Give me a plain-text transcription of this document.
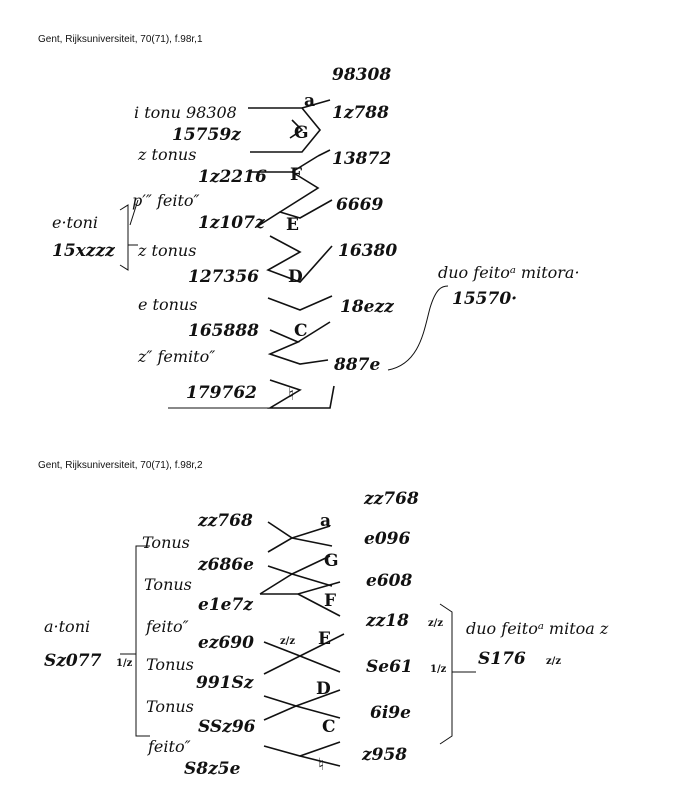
Gent, Rijksuniversiteit, 70(71), f.98r,1
i tonu 98308
15759z
z tonus
1z2216
p′″ feito″
1z107z
z tonus
127356
e tonus
165888
z″ femito″
179762
e·toni
15xzzz
duo feitoᵃ mitora·
15570·
a
G
F
E
D
C
♮
98308
1z788
13872
6669
16380
18ezz
887e
Gent, Rijksuniversiteit, 70(71), f.98r,2
zz768
Tonus
z686e
Tonus
e1e7z
feito″
ez690
Tonus
991Sz
Tonus
SSz96
feito″
S8z5e
z/z
a·toni
Sz077 1/z
duo feitoᵃ mitoa z
S176 z/z
a
G
F
E
D
C
♮
zz768
e096
e608
zz18
Se61
6i9e
z958
z/z
1/z
